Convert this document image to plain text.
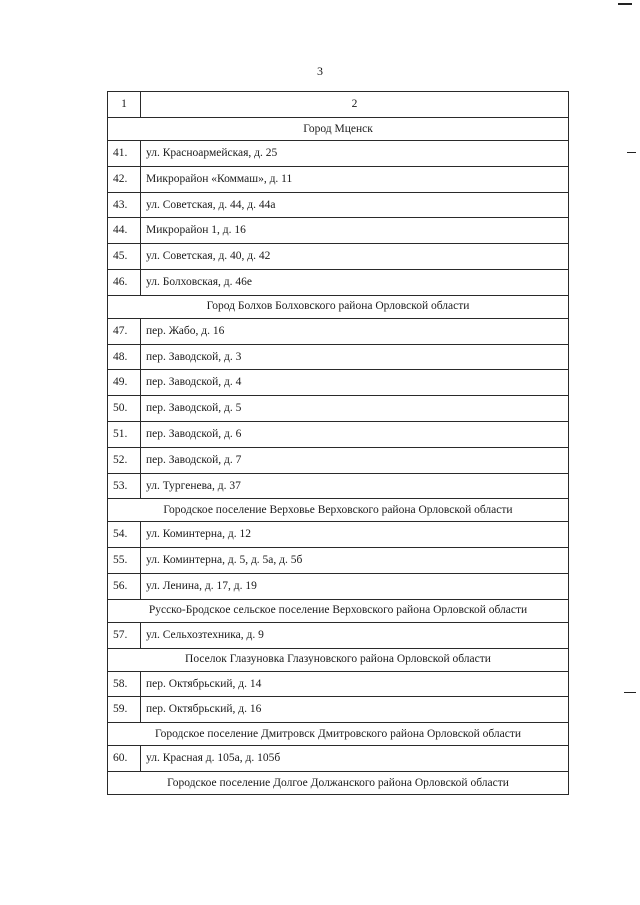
3
1	2
Город Мценск	
41.	ул. Красноармейская, д. 25
42.	Микрорайон «Коммаш», д. 11
43.	ул. Советская, д. 44, д. 44а
44.	Микрорайон 1, д. 16
45.	ул. Советская, д. 40, д. 42
46.	ул. Болховская, д. 46е
Город Болхов Болховского района Орловской области	
47.	пер. Жабо, д. 16
48.	пер. Заводской, д. 3
49.	пер. Заводской, д. 4
50.	пер. Заводской, д. 5
51.	пер. Заводской, д. 6
52.	пер. Заводской, д. 7
53.	ул. Тургенева, д. 37
Городское поселение Верховье Верховского района Орловской области	
54.	ул. Коминтерна, д. 12
55.	ул. Коминтерна, д. 5, д. 5а, д. 5б
56.	ул. Ленина, д. 17, д. 19
Русско-Бродское сельское поселение Верховского района Орловской области	
57.	ул. Сельхозтехника, д. 9
Поселок Глазуновка Глазуновского района Орловской области	
58.	пер. Октябрьский, д. 14
59.	пер. Октябрьский, д. 16
Городское поселение Дмитровск Дмитровского района Орловской области	
60.	ул. Красная д. 105а, д. 105б
Городское поселение Долгое Должанского района Орловской области	
